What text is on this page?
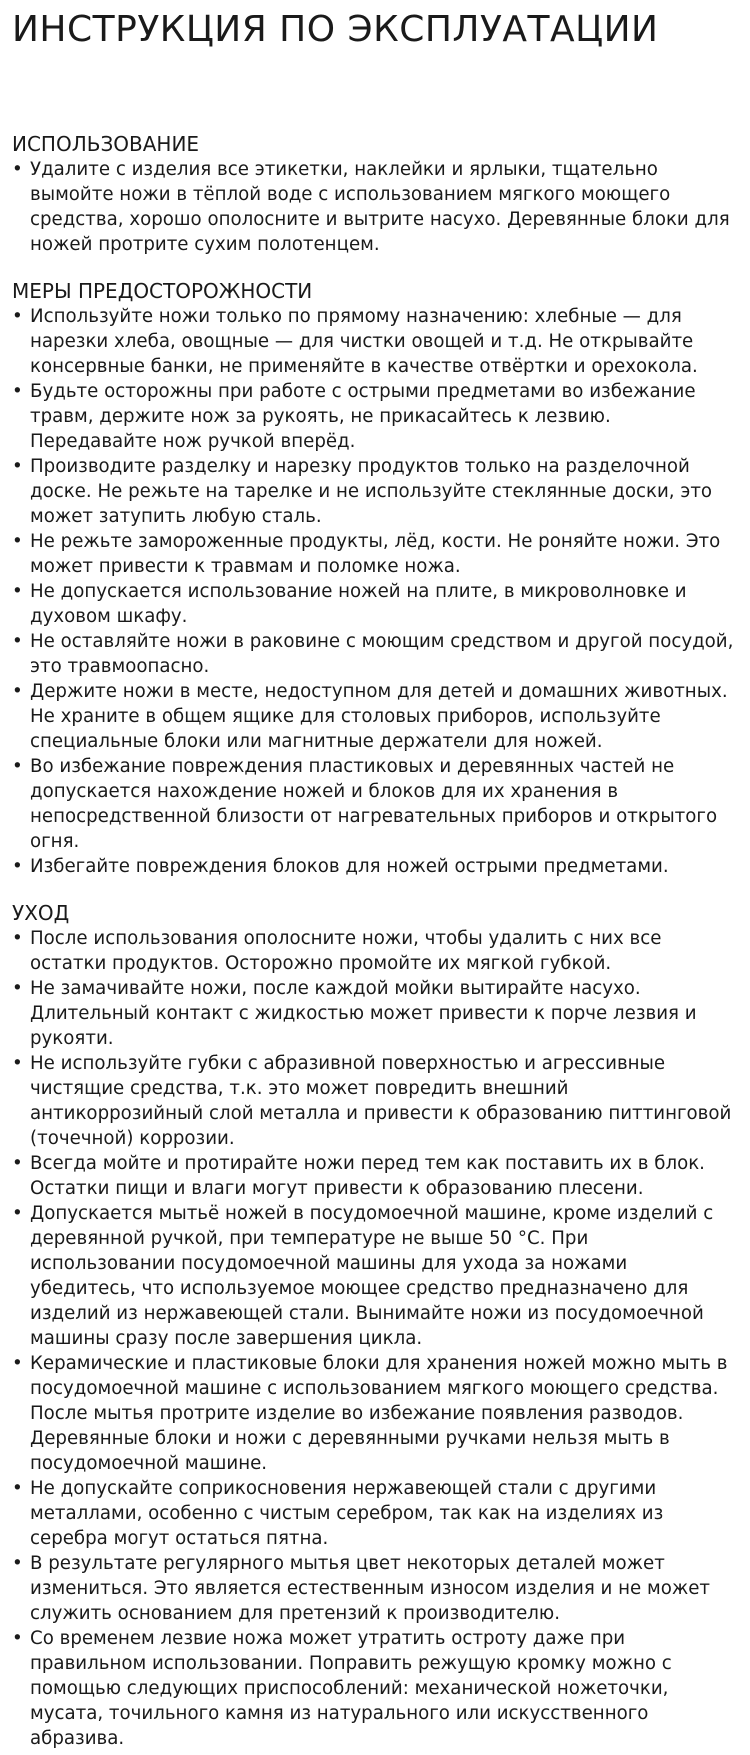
ИНСТРУКЦИЯ ПО ЭКСПЛУАТАЦИИ
ИСПОЛЬЗОВАНИЕ
• Удалите с изделия все этикетки, наклейки и ярлыки, тщательно вымойте ножи в тёплой воде с использованием мягкого моющего средства, хорошо ополосните и вытрите насухо. Деревянные блоки для ножей протрите сухим полотенцем.
МЕРЫ ПРЕДОСТОРОЖНОСТИ
• Используйте ножи только по прямому назначению: хлебные — для нарезки хлеба, овощные — для чистки овощей и т.д. Не открывайте консервные банки, не применяйте в качестве отвёртки и орехокола.
• Будьте осторожны при работе с острыми предметами во избежание травм, держите нож за рукоять, не прикасайтесь к лезвию. Передавайте нож ручкой вперёд.
• Производите разделку и нарезку продуктов только на разделочной доске. Не режьте на тарелке и не используйте стеклянные доски, это может затупить любую сталь.
• Не режьте замороженные продукты, лёд, кости. Не роняйте ножи. Это может привести к травмам и поломке ножа.
• Не допускается использование ножей на плите, в микроволновке и духовом шкафу.
• Не оставляйте ножи в раковине с моющим средством и другой посудой, это травмоопасно.
• Держите ножи в месте, недоступном для детей и домашних животных. Не храните в общем ящике для столовых приборов, используйте специальные блоки или магнитные держатели для ножей.
• Во избежание повреждения пластиковых и деревянных частей не допускается нахождение ножей и блоков для их хранения в непосредственной близости от нагревательных приборов и открытого огня.
• Избегайте повреждения блоков для ножей острыми предметами.
УХОД
• После использования ополосните ножи, чтобы удалить с них все остатки продуктов. Осторожно промойте их мягкой губкой.
• Не замачивайте ножи, после каждой мойки вытирайте насухо. Длительный контакт с жидкостью может привести к порче лезвия и рукояти.
• Не используйте губки с абразивной поверхностью и агрессивные чистящие средства, т.к. это может повредить внешний антикоррозийный слой металла и привести к образованию питтинговой (точечной) коррозии.
• Всегда мойте и протирайте ножи перед тем как поставить их в блок. Остатки пищи и влаги могут привести к образованию плесени.
• Допускается мытьё ножей в посудомоечной машине, кроме изделий с деревянной ручкой, при температуре не выше 50 °С. При использовании посудомоечной машины для ухода за ножами убедитесь, что используемое моющее средство предназначено для изделий из нержавеющей стали. Вынимайте ножи из посудомоечной машины сразу после завершения цикла.
• Керамические и пластиковые блоки для хранения ножей можно мыть в посудомоечной машине с использованием мягкого моющего средства. После мытья протрите изделие во избежание появления разводов. Деревянные блоки и ножи с деревянными ручками нельзя мыть в посудомоечной машине.
• Не допускайте соприкосновения нержавеющей стали с другими металлами, особенно с чистым серебром, так как на изделиях из серебра могут остаться пятна.
• В результате регулярного мытья цвет некоторых деталей может измениться. Это является естественным износом изделия и не может служить основанием для претензий к производителю.
• Со временем лезвие ножа может утратить остроту даже при правильном использовании. Поправить режущую кромку можно с помощью следующих приспособлений: механической ножеточки, мусата, точильного камня из натурального или искусственного абразива.
